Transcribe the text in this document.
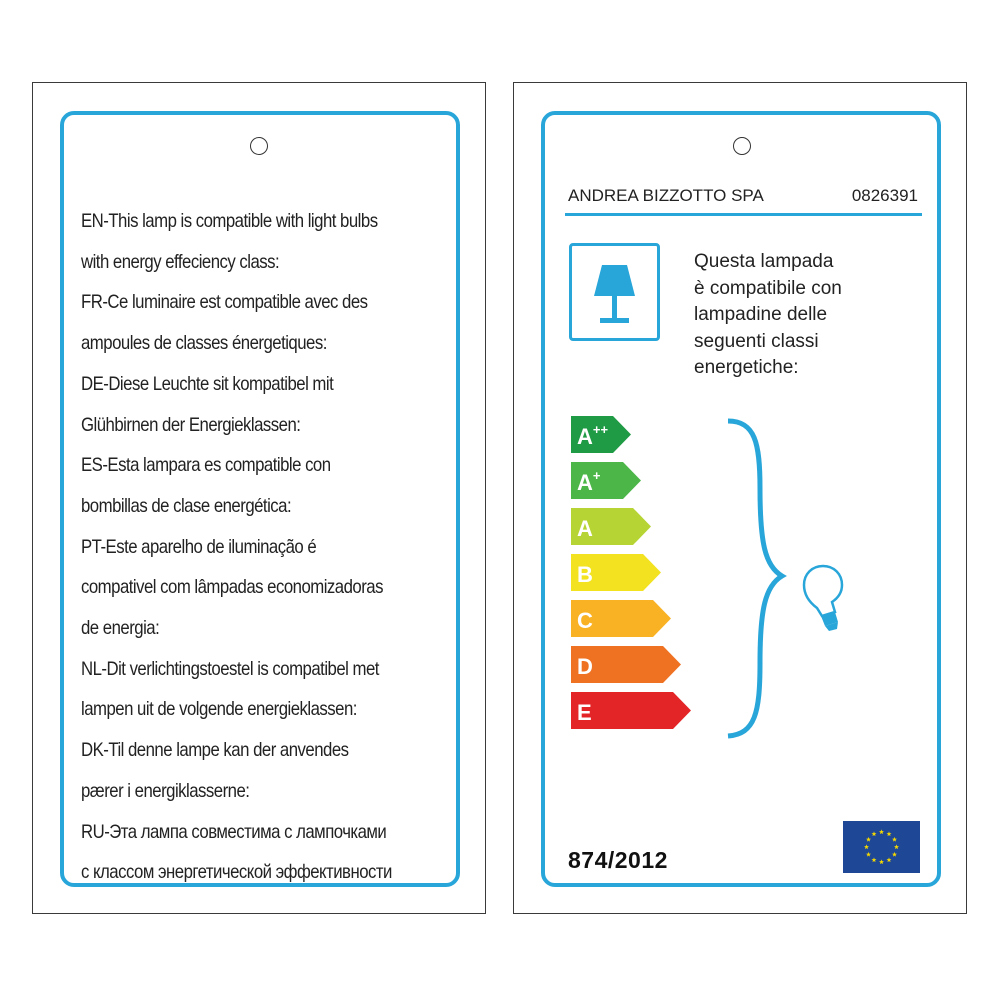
EN-This lamp is compatible with light bulbs
with energy effeciency class:
FR-Ce luminaire est compatible avec des
ampoules de classes énergetiques:
DE-Diese Leuchte sit kompatibel mit
Glühbirnen der Energieklassen:
ES-Esta lampara es compatible con
bombillas de clase energética:
PT-Este aparelho de iluminação é
compativel com lâmpadas economizadoras
de energia:
NL-Dit verlichtingstoestel is compatibel met
lampen uit de volgende energieklassen:
DK-Til denne lampe kan der anvendes
pærer i energiklasserne:
RU-Эта лампа совместима с лампочками
с классом энергетической эффективности
ANDREA BIZZOTTO SPA	0826391
Questa lampada
è compatibile con
lampadine delle
seguenti classi
energetiche:
A++
A+
A
B
C
D
E
874/2012
